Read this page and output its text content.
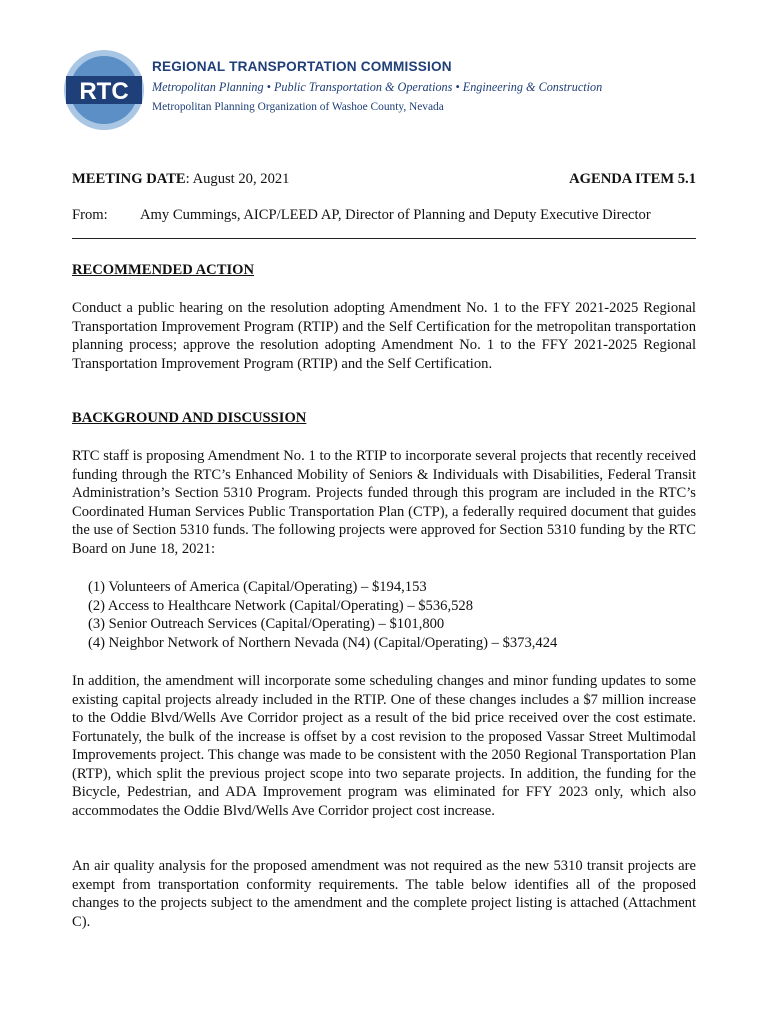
RTC

REGIONAL TRANSPORTATION COMMISSION

Metropolitan Planning • Public Transportation & Operations • Engineering & Construction

Metropolitan Planning Organization of Washoe County, Nevada

MEETING DATE: August 20, 2021	AGENDA ITEM 5.1
From: Amy Cummings, AICP/LEED AP, Director of Planning and Deputy Executive Director
RECOMMENDED ACTION

Conduct a public hearing on the resolution adopting Amendment No. 1 to the FFY 2021-2025 Regional Transportation Improvement Program (RTIP) and the Self Certification for the metropolitan transportation planning process; approve the resolution adopting Amendment No. 1 to the FFY 2021-2025 Regional Transportation Improvement Program (RTIP) and the Self Certification.

BACKGROUND AND DISCUSSION

RTC staff is proposing Amendment No. 1 to the RTIP to incorporate several projects that recently received funding through the RTC’s Enhanced Mobility of Seniors & Individuals with Disabilities, Federal Transit Administration’s Section 5310 Program. Projects funded through this program are included in the RTC’s Coordinated Human Services Public Transportation Plan (CTP), a federally required document that guides the use of Section 5310 funds. The following projects were approved for Section 5310 funding by the RTC Board on June 18, 2021:

(1) Volunteers of America (Capital/Operating) – $194,153
(2) Access to Healthcare Network (Capital/Operating) – $536,528
(3) Senior Outreach Services (Capital/Operating) – $101,800
(4) Neighbor Network of Northern Nevada (N4) (Capital/Operating) – $373,424

In addition, the amendment will incorporate some scheduling changes and minor funding updates to some existing capital projects already included in the RTIP. One of these changes includes a $7 million increase to the Oddie Blvd/Wells Ave Corridor project as a result of the bid price received over the cost estimate. Fortunately, the bulk of the increase is offset by a cost revision to the proposed Vassar Street Multimodal Improvements project. This change was made to be consistent with the 2050 Regional Transportation Plan (RTP), which split the previous project scope into two separate projects. In addition, the funding for the Bicycle, Pedestrian, and ADA Improvement program was eliminated for FFY 2023 only, which also accommodates the Oddie Blvd/Wells Ave Corridor project cost increase.

An air quality analysis for the proposed amendment was not required as the new 5310 transit projects are exempt from transportation conformity requirements. The table below identifies all of the proposed changes to the projects subject to the amendment and the complete project listing is attached (Attachment C).
